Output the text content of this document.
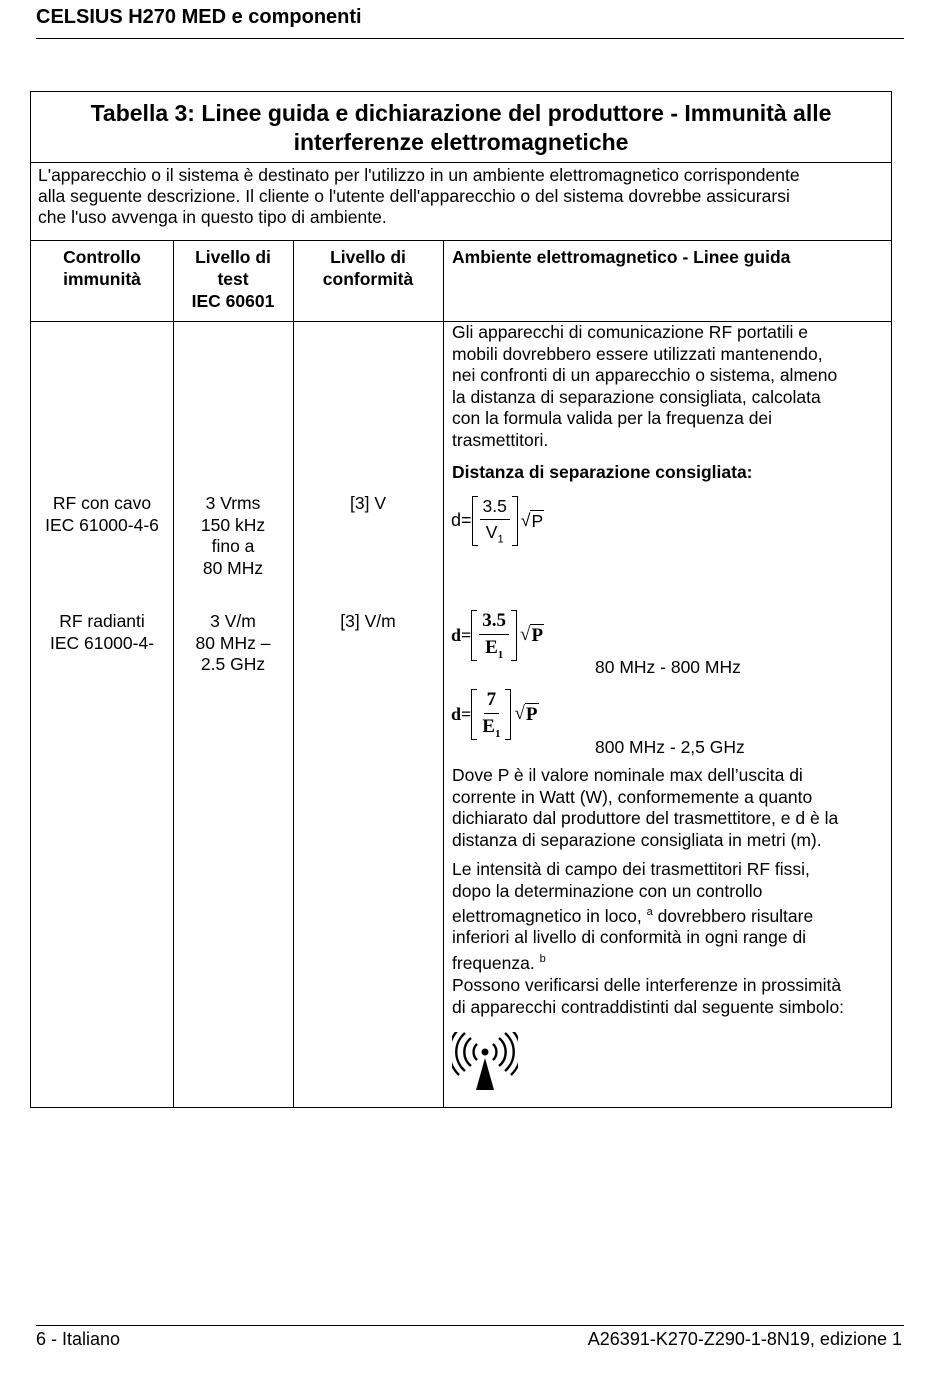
CELSIUS H270 MED e componenti
Tabella 3: Linee guida e dichiarazione del produttore - Immunità alle
interferenze elettromagnetiche
L'apparecchio o il sistema è destinato per l'utilizzo in un ambiente elettromagnetico corrispondente
alla seguente descrizione. Il cliente o l'utente dell'apparecchio o del sistema dovrebbe assicurarsi
che l'uso avvenga in questo tipo di ambiente.
Controllo
immunità
Livello di
test
IEC 60601
Livello di
conformità
Ambiente elettromagnetico - Linee guida
RF con cavo
IEC 61000-4-6
3 Vrms
150 kHz
fino a
80 MHz
[3] V
RF radianti
IEC 61000-4-
3 V/m
80 MHz –
2.5 GHz
[3] V/m
Gli apparecchi di comunicazione RF portatili e
mobili dovrebbero essere utilizzati mantenendo,
nei confronti di un apparecchio o sistema, almeno
la distanza di separazione consigliata, calcolata
con la formula valida per la frequenza dei
trasmettitori.
Distanza di separazione consigliata:
$d= \frac{3.5}{V_1}$ √ P
$d= \frac{3.5}{E_1}$ √ P
80 MHz - 800 MHz
$d= \frac{7}{E_1}$ √ P
800 MHz - 2,5 GHz
Dove P è il valore nominale max dell’uscita di
corrente in Watt (W), conformemente a quanto
dichiarato dal produttore del trasmettitore, e d è la
distanza di separazione consigliata in metri (m).
Le intensità di campo dei trasmettitori RF fissi,
dopo la determinazione con un controllo
elettromagnetico in loco, $^a$ dovrebbero risultare
inferiori al livello di conformità in ogni range di
frequenza. $^b$
Possono verificarsi delle interferenze in prossimità
di apparecchi contraddistinti dal seguente simbolo:
6 - Italiano	A26391-K270-Z290-1-8N19, edizione 1
